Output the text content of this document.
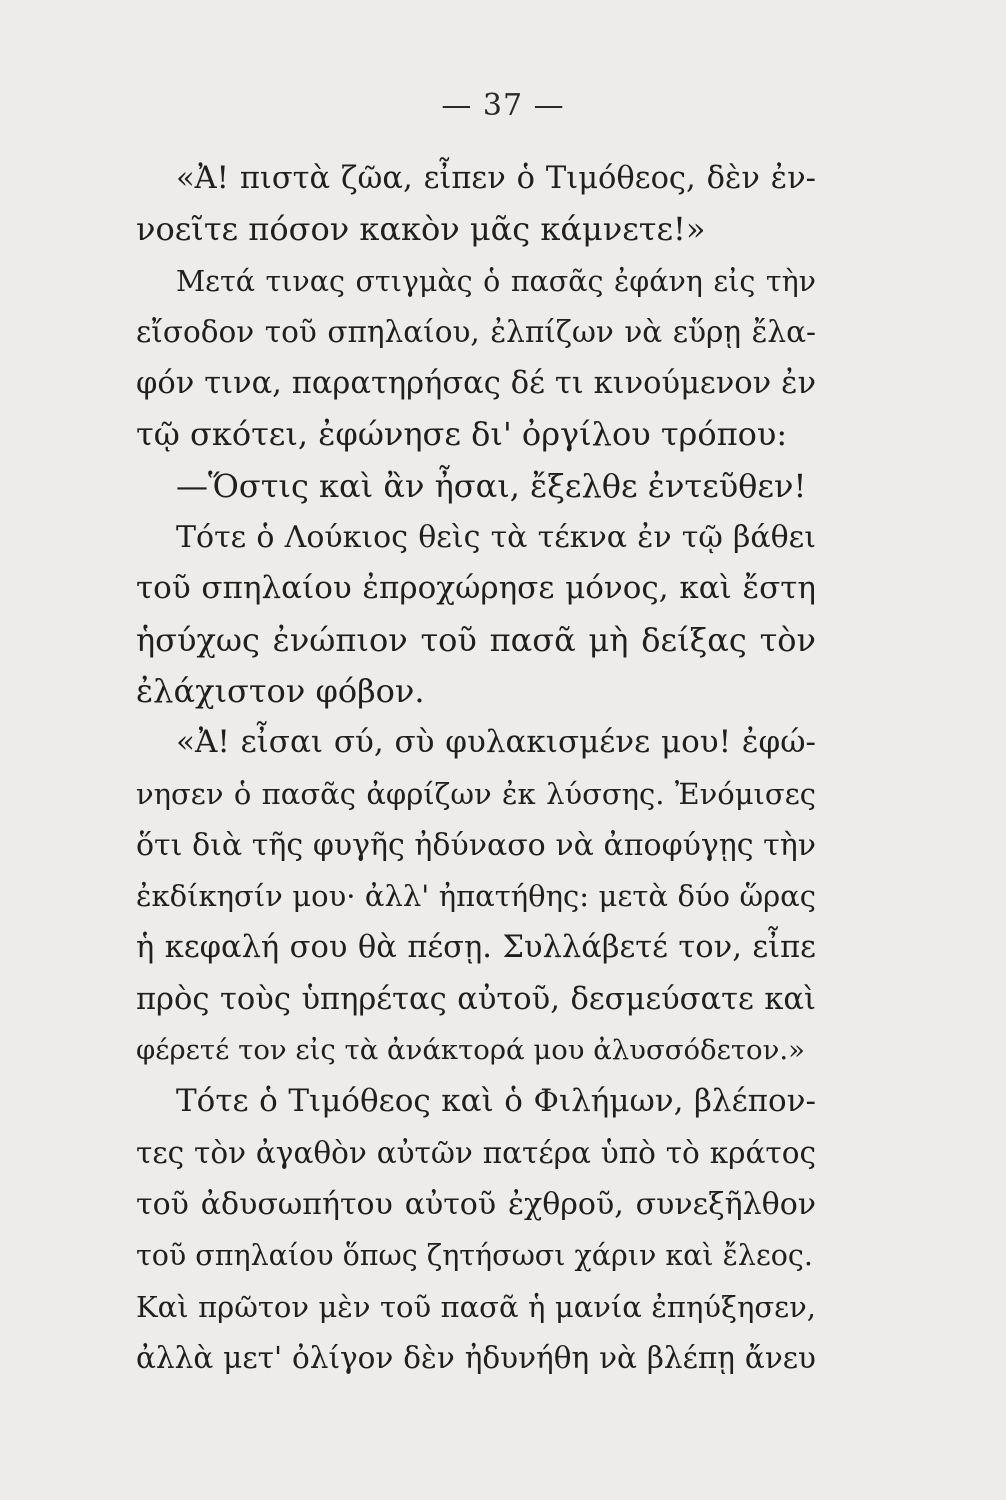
— 37 —
«Ἀ! πιστὰ ζῶα, εἶπεν ὁ Τιμόθεος, δὲν ἐν-
νοεῖτε πόσον κακὸν μᾶς κάμνετε!»
Μετά τινας στιγμὰς ὁ πασᾶς ἐφάνη εἰς τὴν
εἴσοδον τοῦ σπηλαίου, ἐλπίζων νὰ εὕρῃ ἔλα-
φόν τινα, παρατηρήσας δέ τι κινούμενον ἐν
τῷ σκότει, ἐφώνησε δι' ὀργίλου τρόπου:
—Ὅστις καὶ ἂν ἦσαι, ἔξελθε ἐντεῦθεν!
Τότε ὁ Λούκιος θεὶς τὰ τέκνα ἐν τῷ βάθει
τοῦ σπηλαίου ἐπροχώρησε μόνος, καὶ ἔστη
ἡσύχως ἐνώπιον τοῦ πασᾶ μὴ δείξας τὸν
ἐλάχιστον φόβον.
«Ἀ! εἶσαι σύ, σὺ φυλακισμένε μου! ἐφώ-
νησεν ὁ πασᾶς ἀφρίζων ἐκ λύσσης. Ἐνόμισες
ὅτι διὰ τῆς φυγῆς ἠδύνασο νὰ ἀποφύγῃς τὴν
ἐκδίκησίν μου· ἀλλ' ἠπατήθης: μετὰ δύο ὥρας
ἡ κεφαλή σου θὰ πέσῃ. Συλλάβετέ τον, εἶπε
πρὸς τοὺς ὑπηρέτας αὐτοῦ, δεσμεύσατε καὶ
φέρετέ τον εἰς τὰ ἀνάκτορά μου ἀλυσσόδετον.»
Τότε ὁ Τιμόθεος καὶ ὁ Φιλήμων, βλέπον-
τες τὸν ἀγαθὸν αὐτῶν πατέρα ὑπὸ τὸ κράτος
τοῦ ἀδυσωπήτου αὐτοῦ ἐχθροῦ, συνεξῆλθον
τοῦ σπηλαίου ὅπως ζητήσωσι χάριν καὶ ἔλεος.
Καὶ πρῶτον μὲν τοῦ πασᾶ ἡ μανία ἐπηύξησεν,
ἀλλὰ μετ' ὀλίγον δὲν ἠδυνήθη νὰ βλέπῃ ἄνευ
